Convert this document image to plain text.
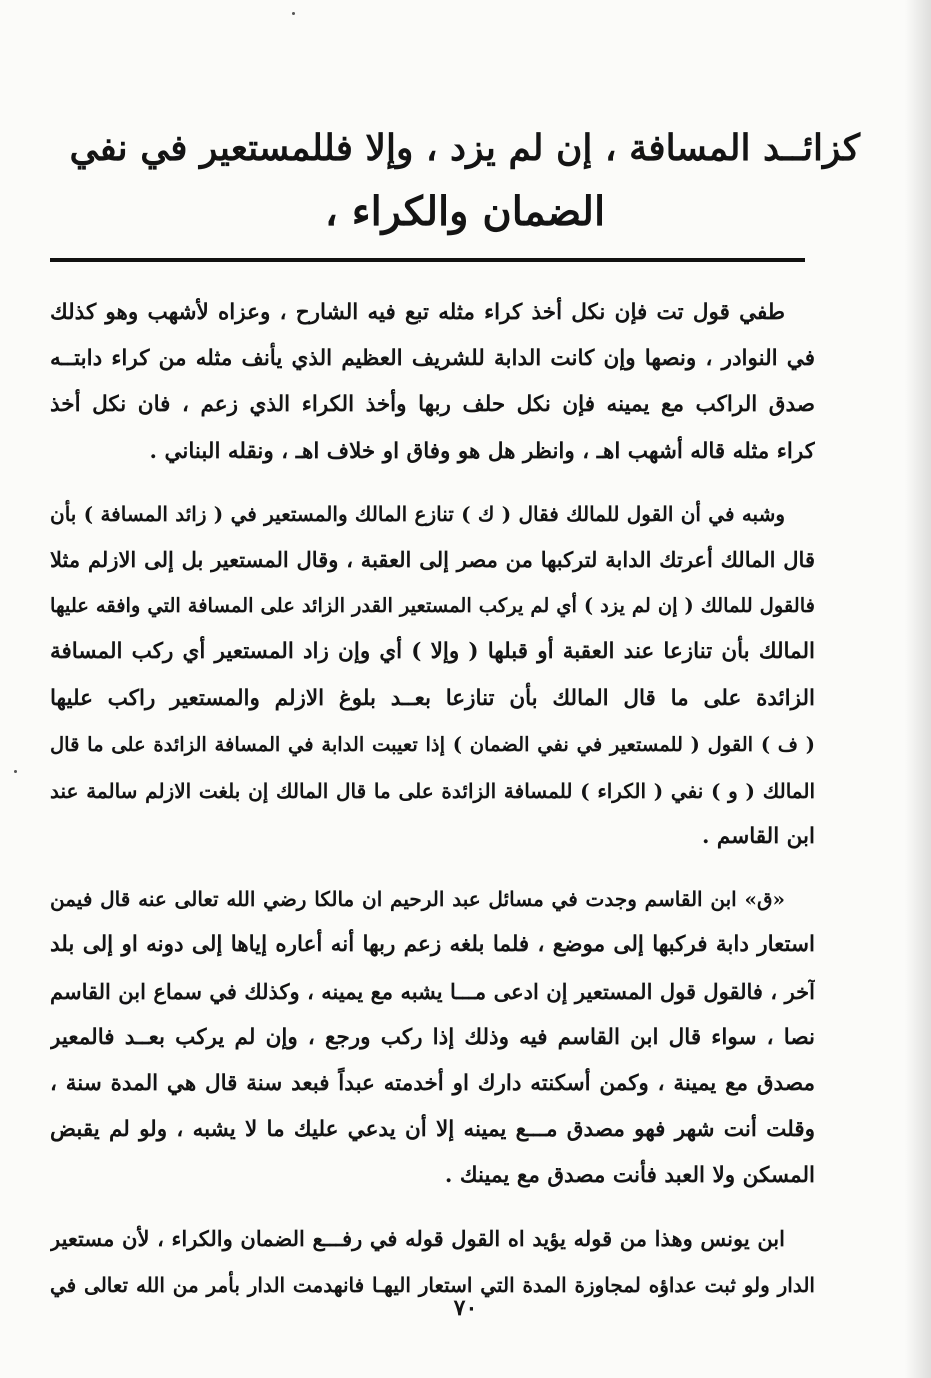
كزائــد المسافة ، إن لم يزد ، وإلا فللمستعير في نفي

الضمان والكراء ،

طفي قول تت فإن نكل أخذ كراء مثله تبع فيه الشارح ، وعزاه لأشهب وهو كذلك
في النوادر ، ونصها وإن كانت الدابة للشريف العظيم الذي يأنف مثله من كراء دابتــه
صدق الراكب مع يمينه فإن نكل حلف ربها وأخذ الكراء الذي زعم ، فان نكل أخذ
كراء مثله قاله أشهب اهـ ، وانظر هل هو وفاق او خلاف اهـ ، ونقله البناني .
وشبه في أن القول للمالك فقال ( ك ) تنازع المالك والمستعير في ( زائد المسافة ) بأن
قال المالك أعرتك الدابة لتركبها من مصر إلى العقبة ، وقال المستعير بل إلى الازلم مثلا
فالقول للمالك ( إن لم يزد ) أي لم يركب المستعير القدر الزائد على المسافة التي وافقه عليها
المالك بأن تنازعا عند العقبة أو قبلها ( وإلا ) أي وإن زاد المستعير أي ركب المسافة
الزائدة على ما قال المالك بأن تنازعا بعــد بلوغ الازلم والمستعير راكب عليها
( ف ) القول ( للمستعير في نفي الضمان ) إذا تعيبت الدابة في المسافة الزائدة على ما قال
المالك ( و ) نفي ( الكراء ) للمسافة الزائدة على ما قال المالك إن بلغت الازلم سالمة عند
ابن القاسم .
«ق» ابن القاسم وجدت في مسائل عبد الرحيم ان مالكا رضي الله تعالى عنه قال فيمن
استعار دابة فركبها إلى موضع ، فلما بلغه زعم ربها أنه أعاره إياها إلى دونه او إلى بلد
آخر ، فالقول قول المستعير إن ادعى مـــا يشبه مع يمينه ، وكذلك في سماع ابن القاسم
نصا ، سواء قال ابن القاسم فيه وذلك إذا ركب ورجع ، وإن لم يركب بعــد فالمعير
مصدق مع يمينة ، وكمن أسكنته دارك او أخدمته عبداً فبعد سنة قال هي المدة سنة ،
وقلت أنت شهر فهو مصدق مـــع يمينه إلا أن يدعي عليك ما لا يشبه ، ولو لم يقبض
المسكن ولا العبد فأنت مصدق مع يمينك .
ابن يونس وهذا من قوله يؤيد اه القول قوله في رفـــع الضمان والكراء ، لأن مستعير
الدار ولو ثبت عداؤه لمجاوزة المدة التي استعار اليهـا فانهدمت الدار بأمر من الله تعالى في
٧٠
